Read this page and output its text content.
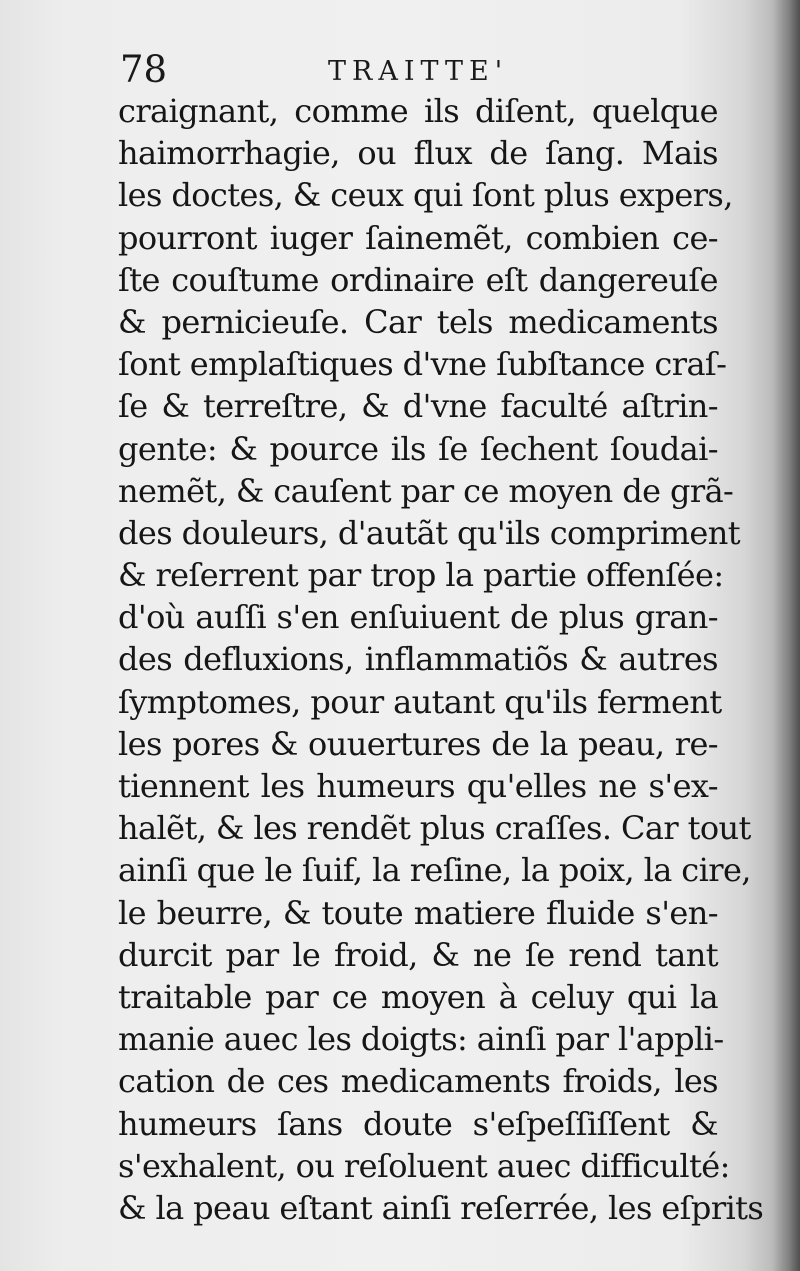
78	TRAITTE'
craignant, comme ils diſent, quelque
haimorrhagie, ou flux de ſang. Mais
les doctes, & ceux qui ſont plus expers,
pourront iuger ſainemẽt, combien ce-
ſte couſtume ordinaire eſt dangereuſe
& pernicieuſe. Car tels medicaments
ſont emplaſtiques d'vne ſubſtance craſ-
ſe & terreſtre, & d'vne faculté aſtrin-
gente: & pource ils ſe ſechent ſoudai-
nemẽt, & cauſent par ce moyen de grã-
des douleurs, d'autãt qu'ils compriment
& reſerrent par trop la partie offenſée:
d'où auſſi s'en enſuiuent de plus gran-
des defluxions, inflammatiõs & autres
ſymptomes, pour autant qu'ils ferment
les pores & ouuertures de la peau, re-
tiennent les humeurs qu'elles ne s'ex-
halẽt, & les rendẽt plus craſſes. Car tout
ainſi que le ſuif, la reſine, la poix, la cire,
le beurre, & toute matiere fluide s'en-
durcit par le froid, & ne ſe rend tant
traitable par ce moyen à celuy qui la
manie auec les doigts: ainſi par l'appli-
cation de ces medicaments froids, les
humeurs ſans doute s'eſpeſſiſſent &
s'exhalent, ou reſoluent auec difficulté:
& la peau eſtant ainſi reſerrée, les eſprits
